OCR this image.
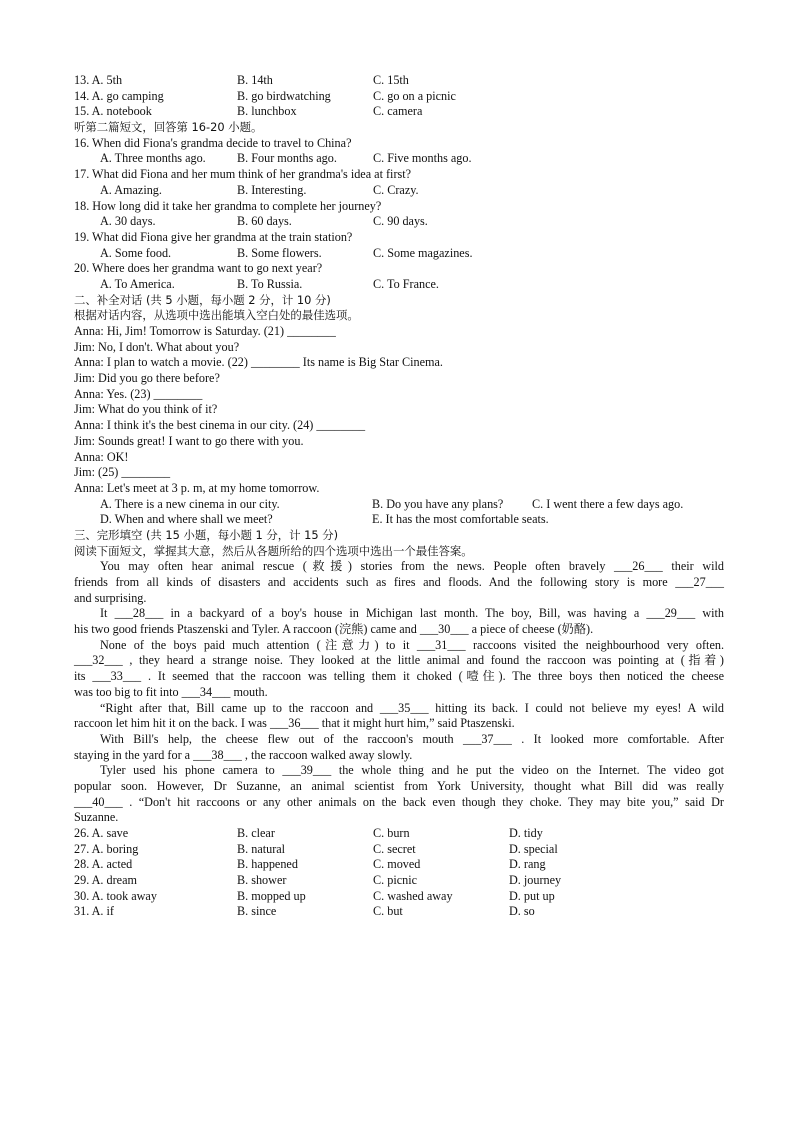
13. A. 5th	B. 14th	C. 15th
14. A. go camping	B. go birdwatching	C. go on a picnic
15. A. notebook	B. lunchbox	C. camera
听第二篇短文，回答第 16-20 小题。
16. When did Fiona's grandma decide to travel to China?
A. Three months ago.	B. Four months ago.	C. Five months ago.
17. What did Fiona and her mum think of her grandma's idea at first?
A. Amazing.	B. Interesting.	C. Crazy.
18. How long did it take her grandma to complete her journey?
A. 30 days.	B. 60 days.	C. 90 days.
19. What did Fiona give her grandma at the train station?
A. Some food.	B. Some flowers.	C. Some magazines.
20. Where does her grandma want to go next year?
A. To America.	B. To Russia.	C. To France.
二、补全对话 (共 5 小题，每小题 2 分，计 10 分)
根据对话内容，从选项中选出能填入空白处的最佳选项。
Anna: Hi, Jim! Tomorrow is Saturday. (21) ________
Jim: No, I don't. What about you?
Anna: I plan to watch a movie. (22) ________ Its name is Big Star Cinema.
Jim: Did you go there before?
Anna: Yes. (23) ________
Jim: What do you think of it?
Anna: I think it's the best cinema in our city. (24) ________
Jim: Sounds great! I want to go there with you.
Anna: OK!
Jim: (25) ________
Anna: Let's meet at 3 p. m, at my home tomorrow.
A. There is a new cinema in our city.	B. Do you have any plans? C. I went there a few days ago.
D. When and where shall we meet?	E. It has the most comfortable seats.
三、完形填空 (共 15 小题，每小题 1 分，计 15 分)
阅读下面短文，掌握其大意，然后从各题所给的四个选项中选出一个最佳答案。
You may often hear animal rescue (救援) stories from the news. People often bravely ___26___ their wild
friends from all kinds of disasters and accidents such as fires and floods. And the following story is more ___27___
and surprising.
It ___28___ in a backyard of a boy's house in Michigan last month. The boy, Bill, was having a ___29___ with
his two good friends Ptaszenski and Tyler. A raccoon (浣熊) came and ___30___ a piece of cheese (奶酪).
None of the boys paid much attention (注意力) to it ___31___ raccoons visited the neighbourhood very often.
___32___ , they heard a strange noise. They looked at the little animal and found the raccoon was pointing at (指着)
its ___33___ . It seemed that the raccoon was telling them it choked (噎住). The three boys then noticed the cheese
was too big to fit into ___34___ mouth.
“Right after that, Bill came up to the raccoon and ___35___ hitting its back. I could not believe my eyes! A wild
raccoon let him hit it on the back. I was ___36___ that it might hurt him,” said Ptaszenski.
With Bill's help, the cheese flew out of the raccoon's mouth ___37___ . It looked more comfortable. After
staying in the yard for a ___38___ , the raccoon walked away slowly.
Tyler used his phone camera to ___39___ the whole thing and he put the video on the Internet. The video got
popular soon. However, Dr Suzanne, an animal scientist from York University, thought what Bill did was really
___40___ . “Don't hit raccoons or any other animals on the back even though they choke. They may bite you,” said Dr
Suzanne.
26. A. save	B. clear	C. burn	D. tidy
27. A. boring	B. natural	C. secret	D. special
28. A. acted	B. happened	C. moved	D. rang
29. A. dream	B. shower	C. picnic	D. journey
30. A. took away	B. mopped up	C. washed away	D. put up
31. A. if	B. since	C. but	D. so
